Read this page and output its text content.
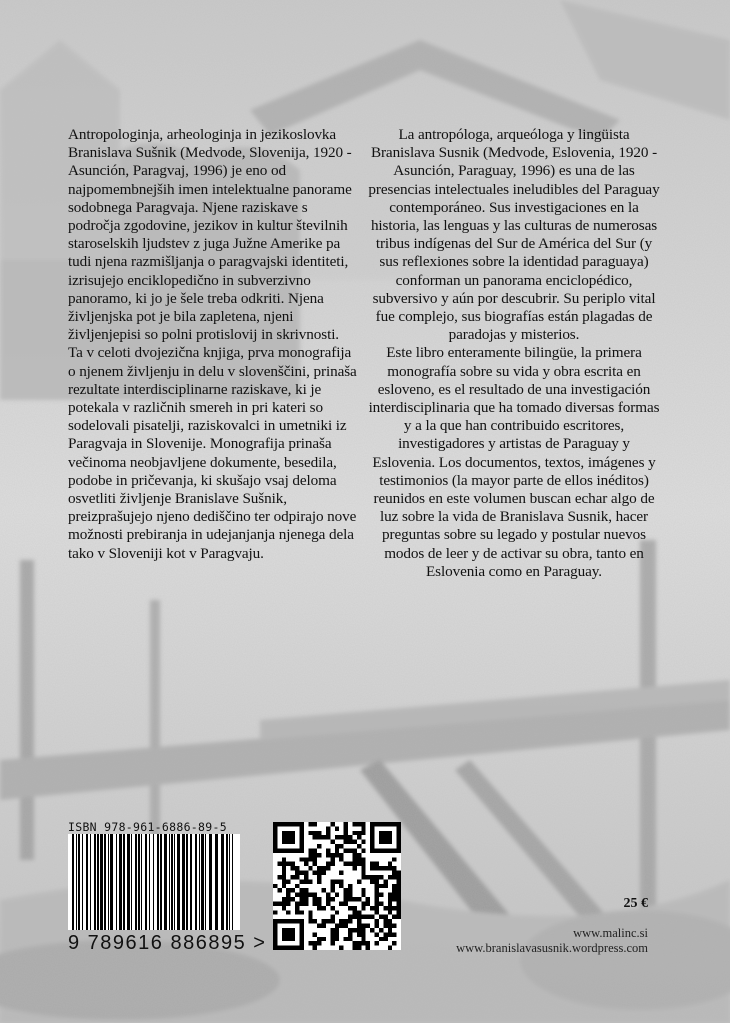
Antropologinja, arheologinja in jezikoslovka Branislava Sušnik (Medvode, Slovenija, 1920 - Asunción, Paragvaj, 1996) je eno od najpomembnejših imen intelektualne panorame sodobnega Paragvaja. Njene raziskave s področja zgodovine, jezikov in kultur številnih staroselskih ljudstev z juga Južne Amerike pa tudi njena razmišljanja o paragvajski identiteti, izrisujejo enciklopedično in subverzivno panoramo, ki jo je šele treba odkriti. Njena življenjska pot je bila zapletena, njeni življenjepisi so polni protislovij in skrivnosti.

Ta v celoti dvojezična knjiga, prva monografija o njenem življenju in delu v slovenščini, prinaša rezultate interdisciplinarne raziskave, ki je potekala v različnih smereh in pri kateri so sodelovali pisatelji, raziskovalci in umetniki iz Paragvaja in Slovenije. Monografija prinaša večinoma neobjavljene dokumente, besedila, podobe in pričevanja, ki skušajo vsaj deloma osvetliti življenje Branislave Sušnik, preizprašujejo njeno dediščino ter odpirajo nove možnosti prebiranja in udejanjanja njenega dela tako v Sloveniji kot v Paragvaju.

La antropóloga, arqueóloga y lingüista Branislava Susnik (Medvode, Eslovenia, 1920 - Asunción, Paraguay, 1996) es una de las presencias intelectuales ineludibles del Paraguay contemporáneo. Sus investigaciones en la historia, las lenguas y las culturas de numerosas tribus indígenas del Sur de América del Sur (y sus reflexiones sobre la identidad paraguaya) conforman un panorama enciclopédico, subversivo y aún por descubrir. Su periplo vital fue complejo, sus biografías están plagadas de paradojas y misterios.

Este libro enteramente bilingüe, la primera monografía sobre su vida y obra escrita en esloveno, es el resultado de una investigación interdisciplinaria que ha tomado diversas formas y a la que han contribuido escritores, investigadores y artistas de Paraguay y Eslovenia. Los documentos, textos, imágenes y testimonios (la mayor parte de ellos inéditos) reunidos en este volumen buscan echar algo de luz sobre la vida de Branislava Susnik, hacer preguntas sobre su legado y postular nuevos modos de leer y de activar su obra, tanto en Eslovenia como en Paraguay.

ISBN 978-961-6886-89-5
9 789616 886895 >
25 €
www.malinc.si
www.branislavasusnik.wordpress.com
